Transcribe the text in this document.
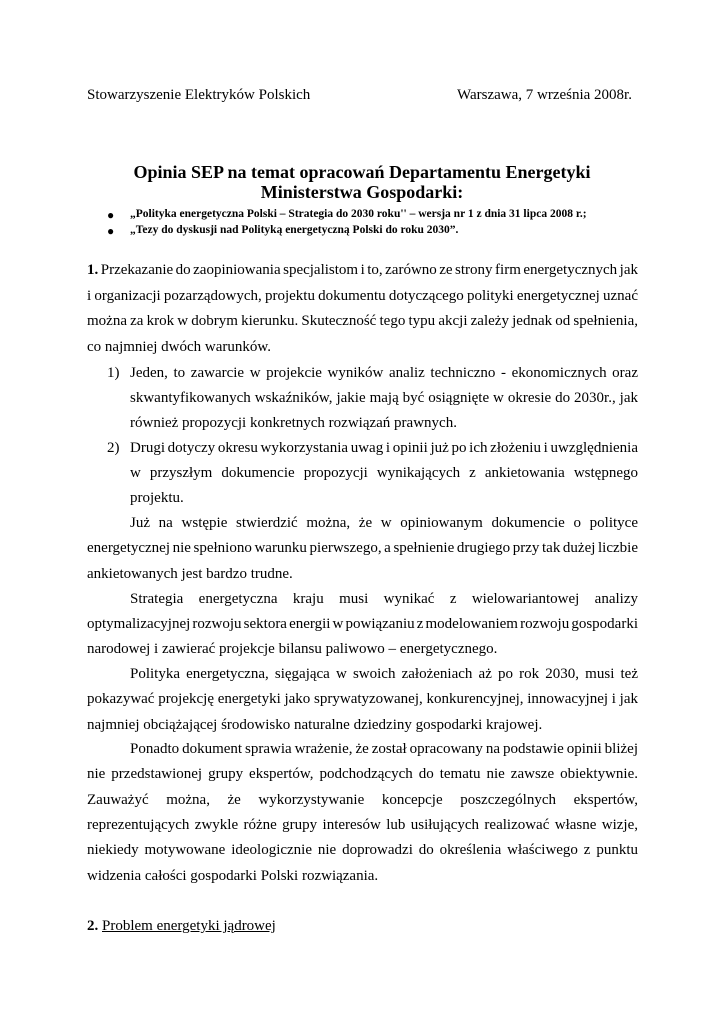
Stowarzyszenie Elektryków Polskich	Warszawa, 7 września 2008r.
Opinia SEP na temat opracowań Departamentu Energetyki
Ministerstwa Gospodarki:
● „Polityka energetyczna Polski – Strategia do 2030 roku'' – wersja nr 1 z dnia 31 lipca 2008 r.;
● „Tezy do dyskusji nad Polityką energetyczną Polski do roku 2030”.
1. Przekazanie do zaopiniowania specjalistom i to, zarówno ze strony firm energetycznych jak
i organizacji pozarządowych, projektu dokumentu dotyczącego polityki energetycznej uznać
można za krok w dobrym kierunku. Skuteczność tego typu akcji zależy jednak od spełnienia,
co najmniej dwóch warunków.
1) Jeden, to zawarcie w projekcie wyników analiz techniczno - ekonomicznych oraz
skwantyfikowanych wskaźników, jakie mają być osiągnięte w okresie do 2030r., jak
również propozycji konkretnych rozwiązań prawnych.
2) Drugi dotyczy okresu wykorzystania uwag i opinii już po ich złożeniu i uwzględnienia
w przyszłym dokumencie propozycji wynikających z ankietowania wstępnego
projektu.
Już na wstępie stwierdzić można, że w opiniowanym dokumencie o polityce
energetycznej nie spełniono warunku pierwszego, a spełnienie drugiego przy tak dużej liczbie
ankietowanych jest bardzo trudne.
Strategia energetyczna kraju musi wynikać z wielowariantowej analizy
optymalizacyjnej rozwoju sektora energii w powiązaniu z modelowaniem rozwoju gospodarki
narodowej i zawierać projekcje bilansu paliwowo – energetycznego.
Polityka energetyczna, sięgająca w swoich założeniach aż po rok 2030, musi też
pokazywać projekcję energetyki jako sprywatyzowanej, konkurencyjnej, innowacyjnej i jak
najmniej obciążającej środowisko naturalne dziedziny gospodarki krajowej.
Ponadto dokument sprawia wrażenie, że został opracowany na podstawie opinii bliżej
nie przedstawionej grupy ekspertów, podchodzących do tematu nie zawsze obiektywnie.
Zauważyć można, że wykorzystywanie koncepcje poszczególnych ekspertów,
reprezentujących zwykle różne grupy interesów lub usiłujących realizować własne wizje,
niekiedy motywowane ideologicznie nie doprowadzi do określenia właściwego z punktu
widzenia całości gospodarki Polski rozwiązania.
2. Problem energetyki jądrowej
